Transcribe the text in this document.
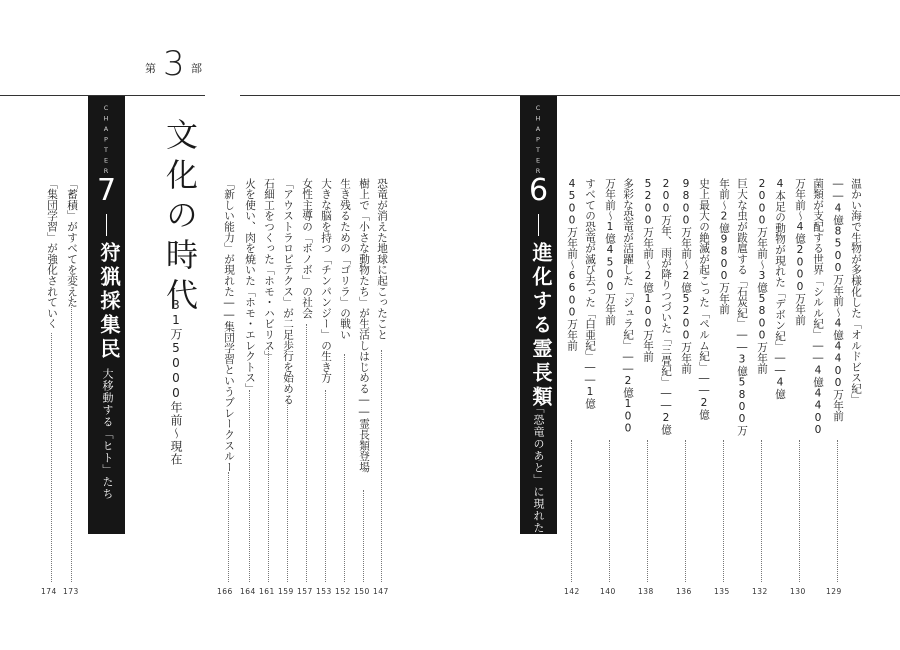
第 3 部
CHAPTER
7
狩猟採集民
大移動する「ヒト」たち
文化の時代
31万5000年前～現在
CHAPTER
6
進化する霊長類
「恐竜のあと」に現れたものたち
「蓄積」がすべてを変えた
173
「集団学習」が強化されていく
174
恐竜が消えた地球に起こったこと
147
樹上で「小さな動物たち」が生活しはじめる――霊長類登場
150
生き残るための「ゴリラ」の戦い
152
大きな脳を持つ「チンパンジー」の生き方
153
女性主導の「ボノボ」の社会
157
「アウストラロピテクス」が二足歩行を始める
159
石細工をつくった「ホモ・ハビリス」
161
火を使い、肉を焼いた「ホモ・エレクトス」
164
「新しい能力」が現れた――集団学習というブレークスルー
166
温かい海で生物が多様化した「オルドビス紀」――4億8500万年前～4億4400万年前
129
菌類が支配する世界「シルル紀」――4億4400万年前～4億2000万年前
130
4本足の動物が現れた「デボン紀」――4億2000万年前～3億5800万年前
132
巨大な虫が跋扈する「石炭紀」――3億5800万年前～2億9800万年前
135
史上最大の絶滅が起こった「ペルム紀」――2億9800万年前～2億5200万年前
136
200万年、雨が降りつづいた「三畳紀」――2億5200万年前～2億100万年前
138
多彩な恐竜が活躍した「ジュラ紀」――2億100万年前～1億4500万年前
140
すべての恐竜が滅び去った「白亜紀」――1億4500万年前～6600万年前
142
